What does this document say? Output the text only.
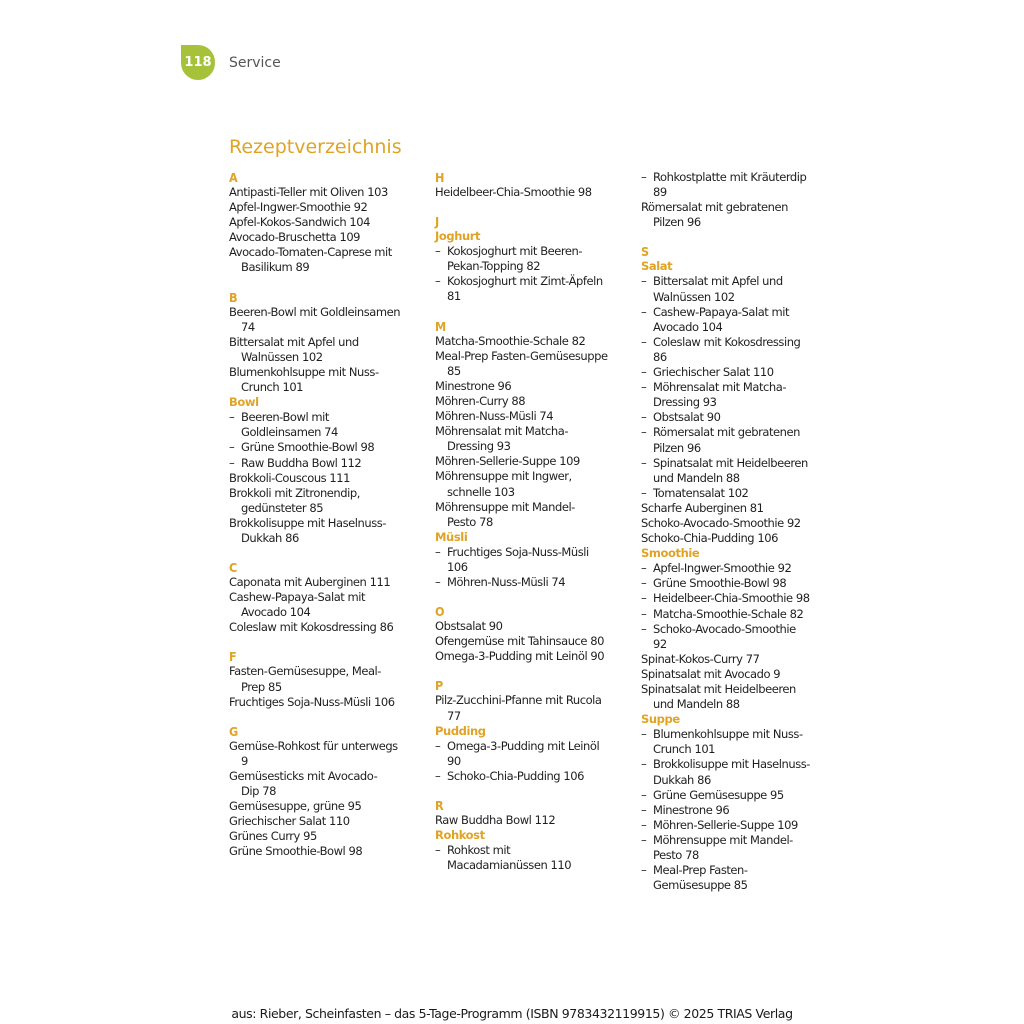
118 Service
Rezeptverzeichnis
A
Antipasti-Teller mit Oliven 103
Apfel-Ingwer-Smoothie 92
Apfel-Kokos-Sandwich 104
Avocado-Bruschetta 109
Avocado-Tomaten-Caprese mit
Basilikum 89
B
Beeren-Bowl mit Goldleinsamen
74
Bittersalat mit Apfel und
Walnüssen 102
Blumenkohlsuppe mit Nuss-
Crunch 101
Bowl
– Beeren-Bowl mit
Goldleinsamen 74
– Grüne Smoothie-Bowl 98
– Raw Buddha Bowl 112
Brokkoli-Couscous 111
Brokkoli mit Zitronendip,
gedünsteter 85
Brokkolisuppe mit Haselnuss-
Dukkah 86
C
Caponata mit Auberginen 111
Cashew-Papaya-Salat mit
Avocado 104
Coleslaw mit Kokosdressing 86
F
Fasten-Gemüsesuppe, Meal-
Prep 85
Fruchtiges Soja-Nuss-Müsli 106
G
Gemüse-Rohkost für unterwegs
9
Gemüsesticks mit Avocado-
Dip 78
Gemüsesuppe, grüne 95
Griechischer Salat 110
Grünes Curry 95
Grüne Smoothie-Bowl 98
H
Heidelbeer-Chia-Smoothie 98
J
Joghurt
– Kokosjoghurt mit Beeren-
Pekan-Topping 82
– Kokosjoghurt mit Zimt-Äpfeln
81
M
Matcha-Smoothie-Schale 82
Meal-Prep Fasten-Gemüsesuppe
85
Minestrone 96
Möhren-Curry 88
Möhren-Nuss-Müsli 74
Möhrensalat mit Matcha-
Dressing 93
Möhren-Sellerie-Suppe 109
Möhrensuppe mit Ingwer,
schnelle 103
Möhrensuppe mit Mandel-
Pesto 78
Müsli
– Fruchtiges Soja-Nuss-Müsli
106
– Möhren-Nuss-Müsli 74
O
Obstsalat 90
Ofengemüse mit Tahinsauce 80
Omega-3-Pudding mit Leinöl 90
P
Pilz-Zucchini-Pfanne mit Rucola
77
Pudding
– Omega-3-Pudding mit Leinöl
90
– Schoko-Chia-Pudding 106
R
Raw Buddha Bowl 112
Rohkost
– Rohkost mit
Macadamianüssen 110
– Rohkostplatte mit Kräuterdip
89
Römersalat mit gebratenen
Pilzen 96
S
Salat
– Bittersalat mit Apfel und
Walnüssen 102
– Cashew-Papaya-Salat mit
Avocado 104
– Coleslaw mit Kokosdressing
86
– Griechischer Salat 110
– Möhrensalat mit Matcha-
Dressing 93
– Obstsalat 90
– Römersalat mit gebratenen
Pilzen 96
– Spinatsalat mit Heidelbeeren
und Mandeln 88
– Tomatensalat 102
Scharfe Auberginen 81
Schoko-Avocado-Smoothie 92
Schoko-Chia-Pudding 106
Smoothie
– Apfel-Ingwer-Smoothie 92
– Grüne Smoothie-Bowl 98
– Heidelbeer-Chia-Smoothie 98
– Matcha-Smoothie-Schale 82
– Schoko-Avocado-Smoothie
92
Spinat-Kokos-Curry 77
Spinatsalat mit Avocado 9
Spinatsalat mit Heidelbeeren
und Mandeln 88
Suppe
– Blumenkohlsuppe mit Nuss-
Crunch 101
– Brokkolisuppe mit Haselnuss-
Dukkah 86
– Grüne Gemüsesuppe 95
– Minestrone 96
– Möhren-Sellerie-Suppe 109
– Möhrensuppe mit Mandel-
Pesto 78
– Meal-Prep Fasten-
Gemüsesuppe 85
aus: Rieber, Scheinfasten – das 5-Tage-Programm (ISBN 9783432119915) © 2025 TRIAS Verlag
